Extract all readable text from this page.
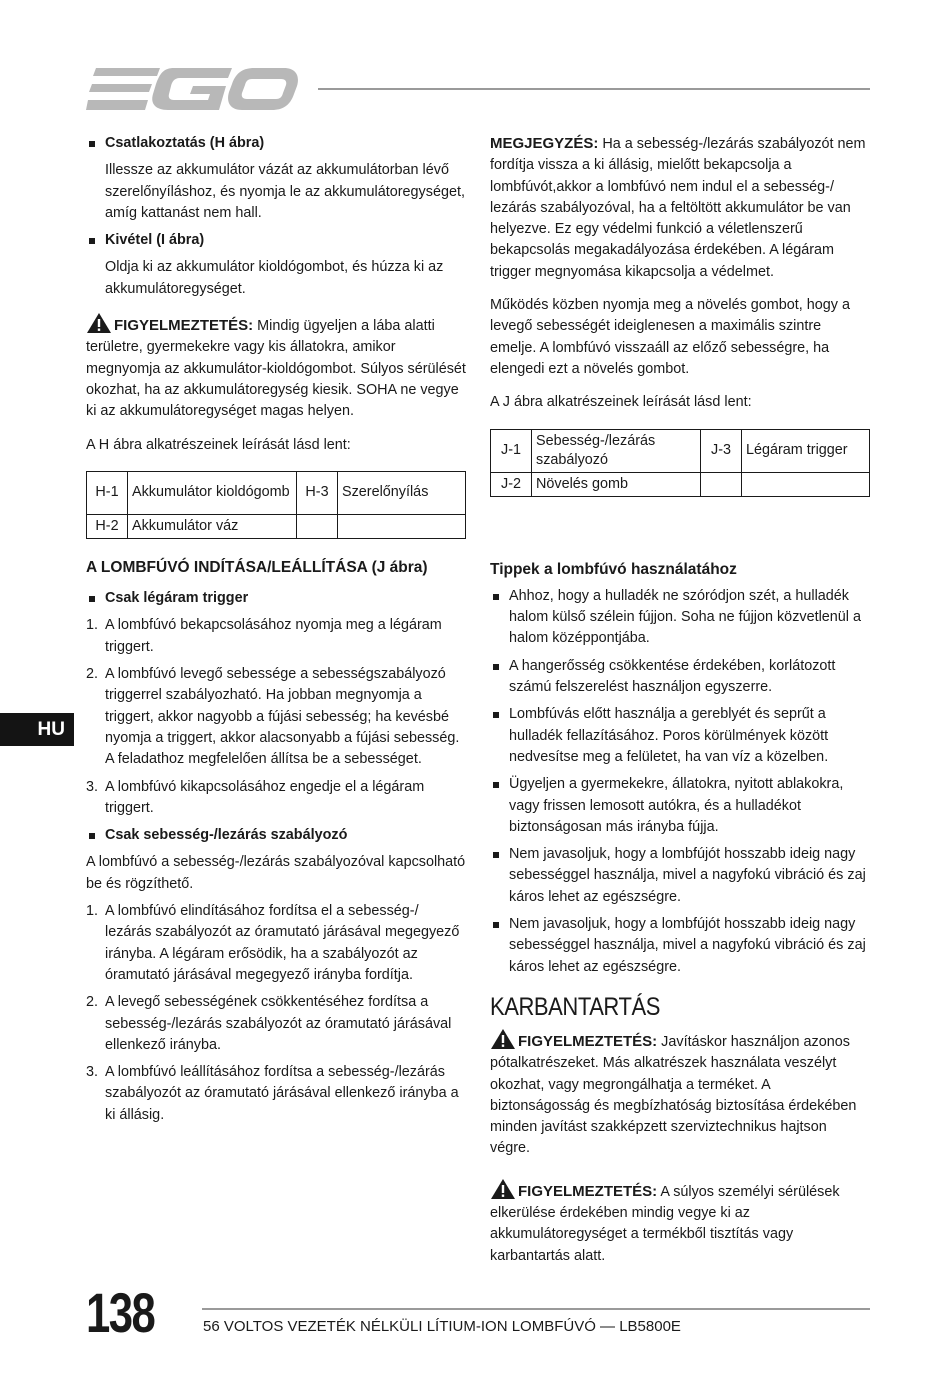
Csatlakoztatás (H ábra)

Illessze az akkumulátor vázát az akkumulátorban lévő szerelőnyíláshoz, és nyomja le az akkumulátoregységet, amíg kattanást nem hall.

Kivétel (I ábra)

Oldja ki az akkumulátor kioldógombot, és húzza ki az akkumulátoregységet.

FIGYELMEZTETÉS: Mindig ügyeljen a lába alatti területre, gyermekekre vagy kis állatokra, amikor megnyomja az akkumulátor-kioldógombot. Súlyos sérülését okozhat, ha az akkumulátoregység kiesik. SOHA ne vegye ki az akkumulátoregységet magas helyen.

A H ábra alkatrészeinek leírását lásd lent:

H-1	Akkumulátor kioldógomb	H-3	Szerelőnyílás
H-2	Akkumulátor váz		

A LOMBFÚVÓ INDÍTÁSA/LEÁLLÍTÁSA (J ábra)

Csak légáram trigger

1. A lombfúvó bekapcsolásához nyomja meg a légáram triggert.
2. A lombfúvó levegő sebessége a sebességszabályozó triggerrel szabályozható. Ha jobban megnyomja a triggert, akkor nagyobb a fújási sebesség; ha kevésbé nyomja a triggert, akkor alacsonyabb a fújási sebesség. A feladathoz megfelelően állítsa be a sebességet.
3. A lombfúvó kikapcsolásához engedje el a légáram triggert.

Csak sebesség-/lezárás szabályozó

A lombfúvó a sebesség-/lezárás szabályozóval kapcsolható be és rögzíthető.

1. A lombfúvó elindításához fordítsa el a sebesség-/ lezárás szabályozót az óramutató járásával megegyező irányba. A légáram erősödik, ha a szabályozót az óramutató járásával megegyező irányba fordítja.
2. A levegő sebességének csökkentéséhez fordítsa a sebesség-/lezárás szabályozót az óramutató járásával ellenkező irányba.
3. A lombfúvó leállításához fordítsa a sebesség-/lezárás szabályozót az óramutató járásával ellenkező irányba a ki állásig.

MEGJEGYZÉS: Ha a sebesség-/lezárás szabályozót nem fordítja vissza a ki állásig, mielőtt bekapcsolja a lombfúvót,akkor a lombfúvó nem indul el a sebesség-/ lezárás szabályozóval, ha a feltöltött akkumulátor be van helyezve. Ez egy védelmi funkció a véletlenszerű bekapcsolás megakadályozása érdekében. A légáram trigger megnyomása kikapcsolja a védelmet.

Működés közben nyomja meg a növelés gombot, hogy a levegő sebességét ideiglenesen a maximális szintre emelje. A lombfúvó visszaáll az előző sebességre, ha elengedi ezt a növelés gombot.

A J ábra alkatrészeinek leírását lásd lent:

J-1	Sebesség-/lezárás szabályozó	J-3	Légáram trigger
J-2	Növelés gomb		

Tippek a lombfúvó használatához

Ahhoz, hogy a hulladék ne szóródjon szét, a hulladék halom külső szélein fújjon. Soha ne fújjon közvetlenül a halom középpontjába.

A hangerősség csökkentése érdekében, korlátozott számú felszerelést használjon egyszerre.

Lombfúvás előtt használja a gereblyét és seprűt a hulladék fellazításához. Poros körülmények között nedvesítse meg a felületet, ha van víz a közelben.

Ügyeljen a gyermekekre, állatokra, nyitott ablakokra, vagy frissen lemosott autókra, és a hulladékot biztonságosan más irányba fújja.

Nem javasoljuk, hogy a lombfújót hosszabb ideig nagy sebességgel használja, mivel a nagyfokú vibráció és zaj káros lehet az egészségre.

Nem javasoljuk, hogy a lombfújót hosszabb ideig nagy sebességgel használja, mivel a nagyfokú vibráció és zaj káros lehet az egészségre.

KARBANTARTÁS

FIGYELMEZTETÉS: Javításkor használjon azonos pótalkatrészeket. Más alkatrészek használata veszélyt okozhat, vagy megrongálhatja a terméket. A biztonságosság és megbízhatóság biztosítása érdekében minden javítást szakképzett szerviztechnikus hajtson végre.
FIGYELMEZTETÉS: A súlyos személyi sérülések elkerülése érdekében mindig vegye ki az akkumulátoregységet a termékből tisztítás vagy karbantartás alatt.
HU
138	56 VOLTOS VEZETÉK NÉLKÜLI LÍTIUM-ION LOMBFÚVÓ — LB5800E
